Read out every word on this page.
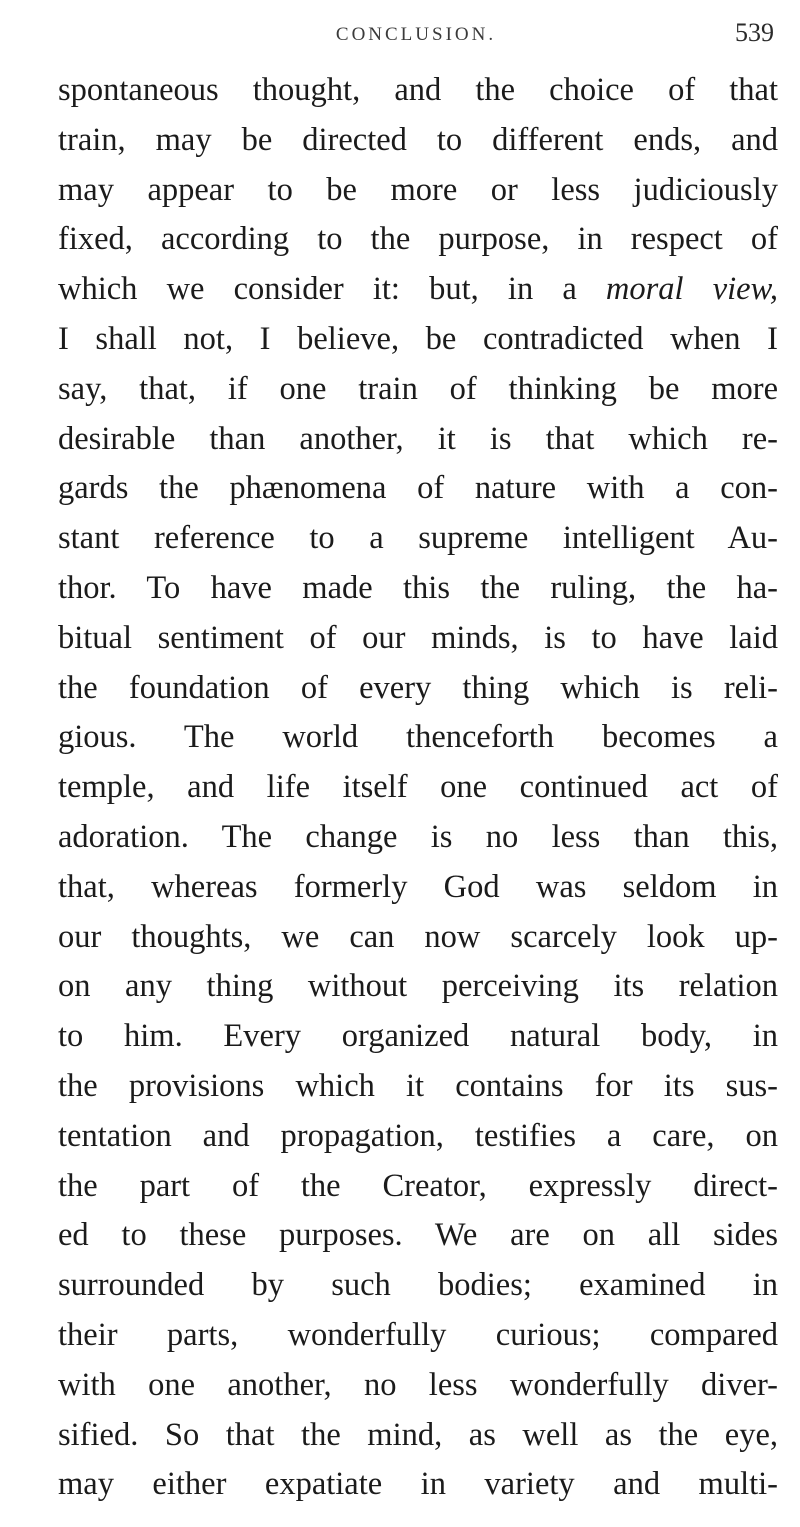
CONCLUSION.	539
spontaneous thought, and the choice of that
train, may be directed to different ends, and
may appear to be more or less judiciously
fixed, according to the purpose, in respect of
which we consider it: but, in a moral view,
I shall not, I believe, be contradicted when I
say, that, if one train of thinking be more
desirable than another, it is that which re-
gards the phænomena of nature with a con-
stant reference to a supreme intelligent Au-
thor. To have made this the ruling, the ha-
bitual sentiment of our minds, is to have laid
the foundation of every thing which is reli-
gious. The world thenceforth becomes a
temple, and life itself one continued act of
adoration. The change is no less than this,
that, whereas formerly God was seldom in
our thoughts, we can now scarcely look up-
on any thing without perceiving its relation
to him. Every organized natural body, in
the provisions which it contains for its sus-
tentation and propagation, testifies a care, on
the part of the Creator, expressly direct-
ed to these purposes. We are on all sides
surrounded by such bodies; examined in
their parts, wonderfully curious; compared
with one another, no less wonderfully diver-
sified. So that the mind, as well as the eye,
may either expatiate in variety and multi-
